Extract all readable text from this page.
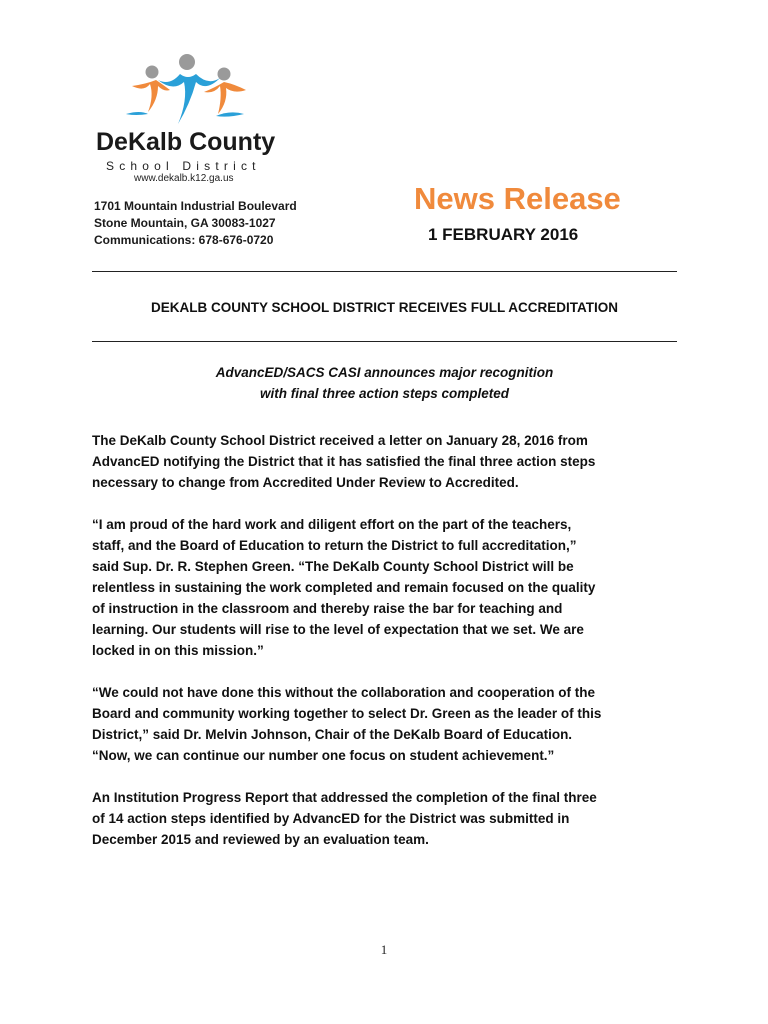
DeKalb County
School District
www.dekalb.k12.ga.us
1701 Mountain Industrial Boulevard
Stone Mountain, GA 30083-1027
Communications: 678-676-0720
News Release
1 FEBRUARY 2016
DEKALB COUNTY SCHOOL DISTRICT RECEIVES FULL ACCREDITATION
AdvancED/SACS CASI announces major recognition
with final three action steps completed
The DeKalb County School District received a letter on January 28, 2016 from
AdvancED notifying the District that it has satisfied the final three action steps
necessary to change from Accredited Under Review to Accredited.
“I am proud of the hard work and diligent effort on the part of the teachers,
staff, and the Board of Education to return the District to full accreditation,”
said Sup. Dr. R. Stephen Green. “The DeKalb County School District will be
relentless in sustaining the work completed and remain focused on the quality
of instruction in the classroom and thereby raise the bar for teaching and
learning. Our students will rise to the level of expectation that we set. We are
locked in on this mission.”
“We could not have done this without the collaboration and cooperation of the
Board and community working together to select Dr. Green as the leader of this
District,” said Dr. Melvin Johnson, Chair of the DeKalb Board of Education.
“Now, we can continue our number one focus on student achievement.”
An Institution Progress Report that addressed the completion of the final three
of 14 action steps identified by AdvancED for the District was submitted in
December 2015 and reviewed by an evaluation team.
1
